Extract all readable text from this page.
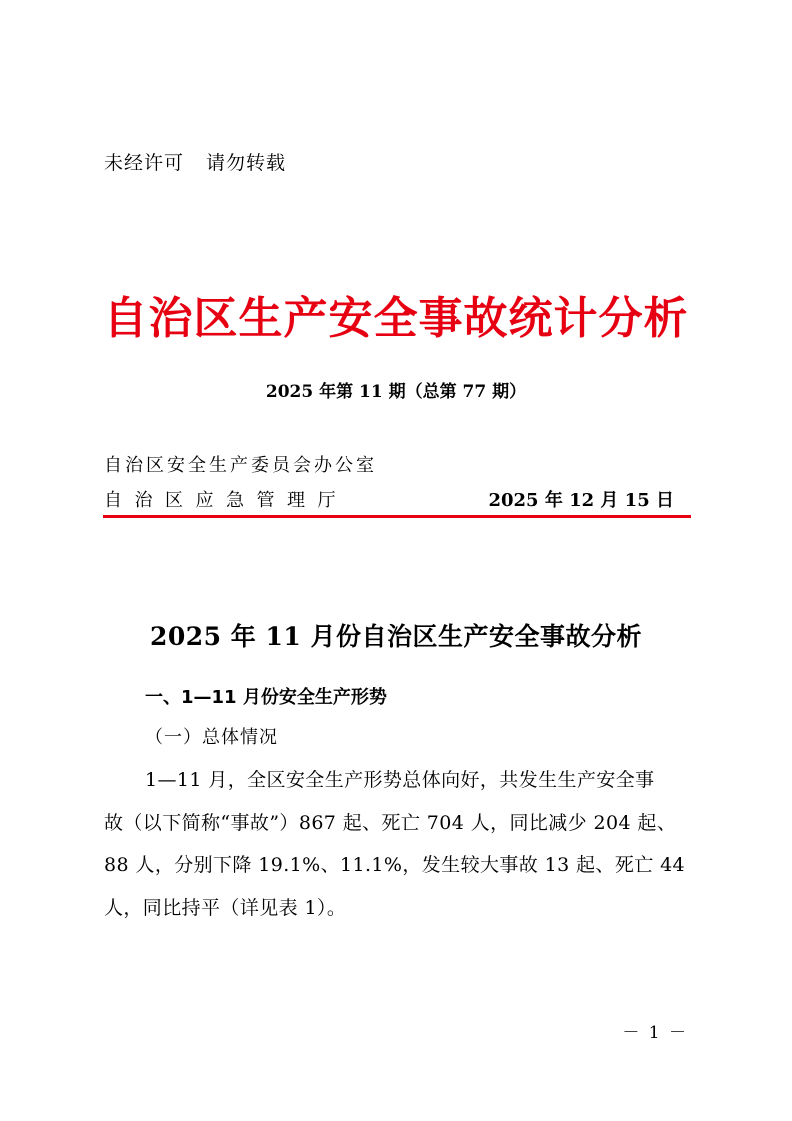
未经许可 请勿转载
自治区生产安全事故统计分析
2025 年第 11 期（总第 77 期）
自治区安全生产委员会办公室
自治区应急管理厅	2025 年 12 月 15 日
2025 年 11 月份自治区生产安全事故分析
一、1—11 月份安全生产形势
（一）总体情况
1—11 月，全区安全生产形势总体向好，共发生生产安全事
故（以下简称“事故”）867 起、死亡 704 人，同比减少 204 起、
88 人，分别下降 19.1%、11.1%，发生较大事故 13 起、死亡 44
人，同比持平（详见表 1）。
－ 1 －
